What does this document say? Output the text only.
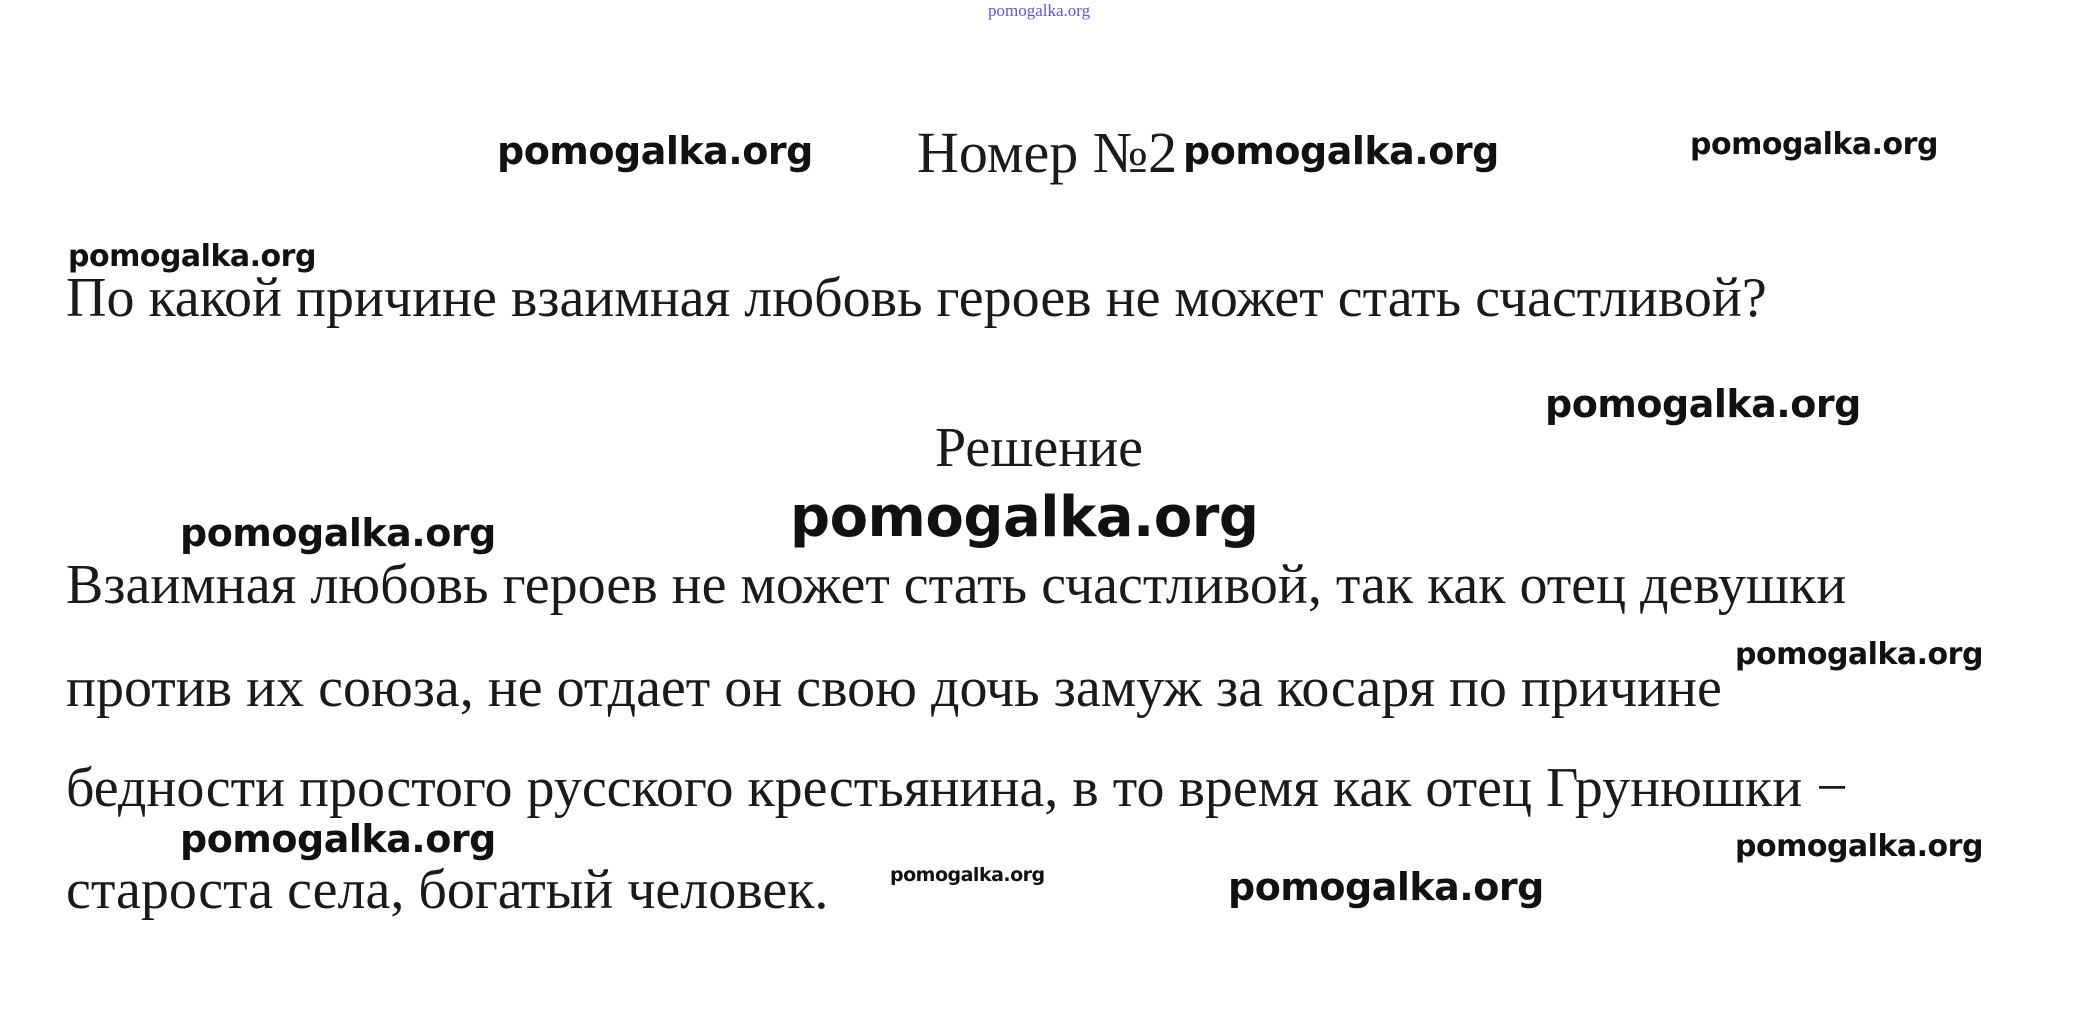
pomogalka.org
Номер №2
По какой причине взаимная любовь героев не может стать счастливой?
Решение
Взаимная любовь героев не может стать счастливой, так как отец девушки
против их союза, не отдает он свою дочь замуж за косаря по причине
бедности простого русского крестьянина, в то время как отец Грунюшки −
староста села, богатый человек.
pomogalka.org	pomogalka.org	pomogalka.org
pomogalka.org
pomogalka.org
pomogalka.org	pomogalka.org
pomogalka.org
pomogalka.org	pomogalka.org
pomogalka.org	pomogalka.org
